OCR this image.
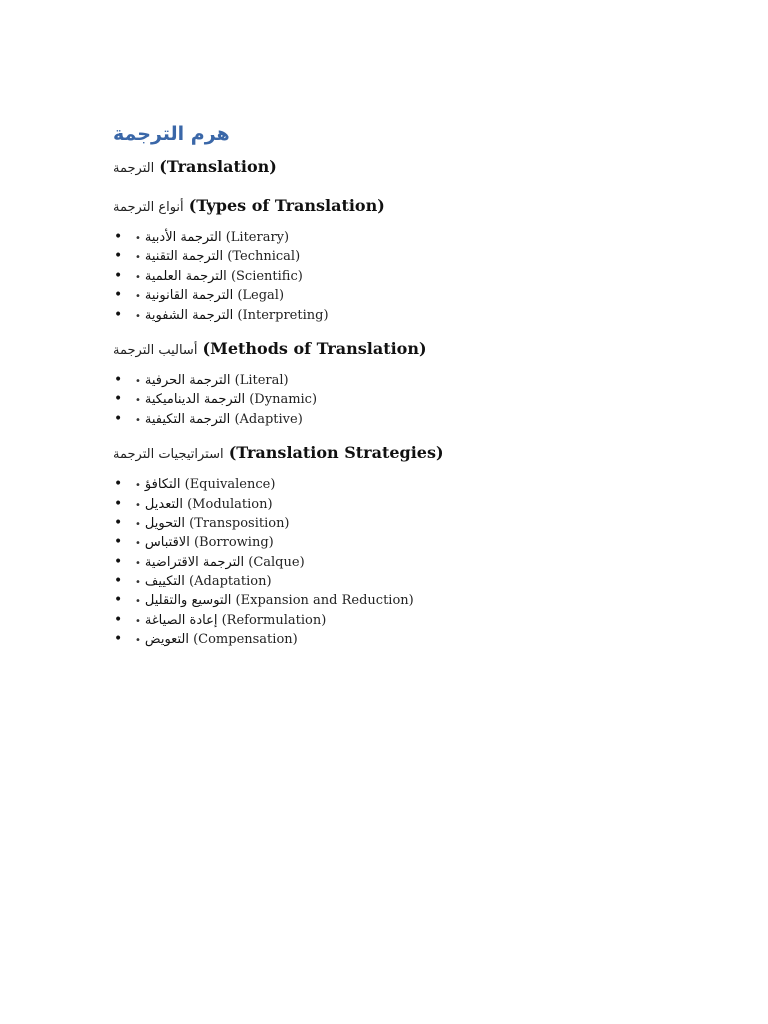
هرم الترجمة

الترجمة (Translation)

أنواع الترجمة (Types of Translation)

• • الترجمة الأدبية (Literary)
• • الترجمة التقنية (Technical)
• • الترجمة العلمية (Scientific)
• • الترجمة القانونية (Legal)
• • الترجمة الشفوية (Interpreting)

أساليب الترجمة (Methods of Translation)

• • الترجمة الحرفية (Literal)
• • الترجمة الديناميكية (Dynamic)
• • الترجمة التكيفية (Adaptive)

استراتيجيات الترجمة (Translation Strategies)

• • التكافؤ (Equivalence)
• • التعديل (Modulation)
• • التحويل (Transposition)
• • الاقتباس (Borrowing)
• • الترجمة الاقتراضية (Calque)
• • التكييف (Adaptation)
• • التوسيع والتقليل (Expansion and Reduction)
• • إعادة الصياغة (Reformulation)
• • التعويض (Compensation)
